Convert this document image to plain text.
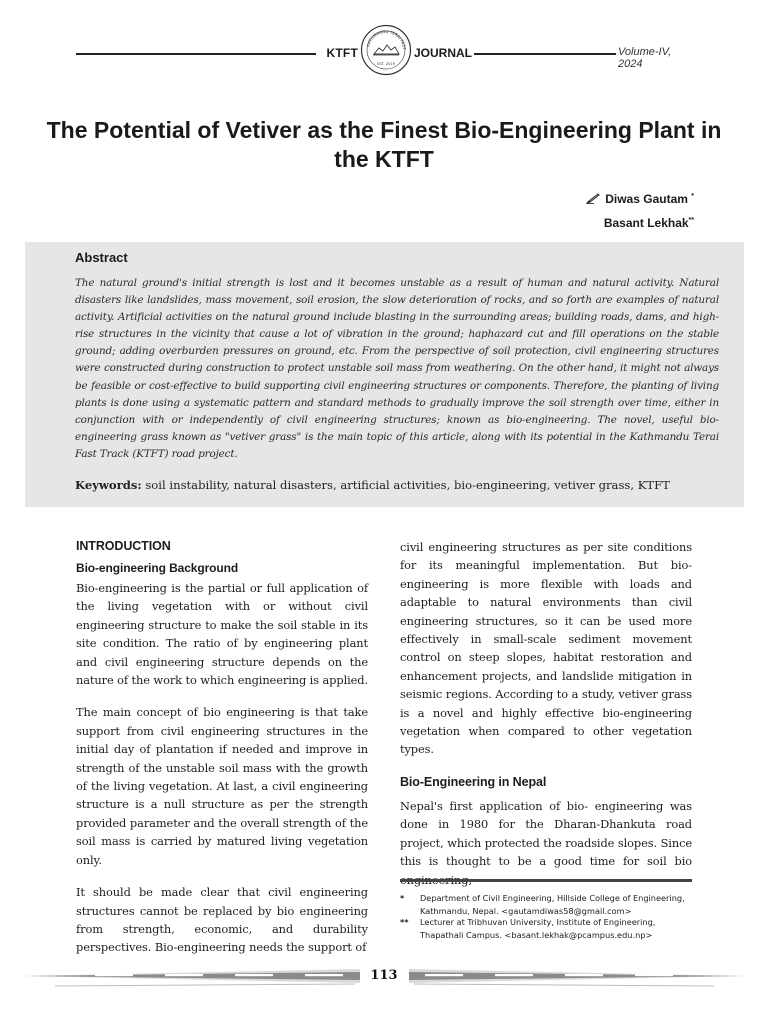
KTFT
KATHMANDU TERAI FAST
EST. 2019
JOURNAL	Volume-IV, 2024
The Potential of Vetiver as the Finest Bio-Engineering Plant in the KTFT
Diwas Gautam *
Basant Lekhak**
Abstract
The natural ground's initial strength is lost and it becomes unstable as a result of human and natural activity. Natural disasters like landslides, mass movement, soil erosion, the slow deterioration of rocks, and so forth are examples of natural activity. Artificial activities on the natural ground include blasting in the surrounding areas; building roads, dams, and high-rise structures in the vicinity that cause a lot of vibration in the ground; haphazard cut and fill operations on the stable ground; adding overburden pressures on ground, etc. From the perspective of soil protection, civil engineering structures were constructed during construction to protect unstable soil mass from weathering. On the other hand, it might not always be feasible or cost-effective to build supporting civil engineering structures or components. Therefore, the planting of living plants is done using a systematic pattern and standard methods to gradually improve the soil strength over time, either in conjunction with or independently of civil engineering structures; known as bio-engineering. The novel, useful bio-engineering grass known as "vetiver grass" is the main topic of this article, along with its potential in the Kathmandu Terai Fast Track (KTFT) road project.
Keywords: soil instability, natural disasters, artificial activities, bio-engineering, vetiver grass, KTFT
INTRODUCTION
Bio-engineering Background

Bio-engineering is the partial or full application of the living vegetation with or without civil engineering structure to make the soil stable in its site condition. The ratio of by engineering plant and civil engineering structure depends on the nature of the work to which engineering is applied.

The main concept of bio engineering is that take support from civil engineering structures in the initial day of plantation if needed and improve in strength of the unstable soil mass with the growth of the living vegetation. At last, a civil engineering structure is a null structure as per the strength provided parameter and the overall strength of the soil mass is carried by matured living vegetation only.

It should be made clear that civil engineering structures cannot be replaced by bio engineering from strength, economic, and durability perspectives. Bio-engineering needs the support of

civil engineering structures as per site conditions for its meaningful implementation. But bio-engineering is more flexible with loads and adaptable to natural environments than civil engineering structures, so it can be used more effectively in small-scale sediment movement control on steep slopes, habitat restoration and enhancement projects, and landslide mitigation in seismic regions. According to a study, vetiver grass is a novel and highly effective bio-engineering vegetation when compared to other vegetation types.

Bio-Engineering in Nepal

Nepal's first application of bio- engineering was done in 1980 for the Dharan-Dhankuta road project, which protected the roadside slopes. Since this is thought to be a good time for soil bio

* Department of Civil Engineering, Hillside College of Engineering, Kathmandu, Nepal. <gautamdiwas58@gmail.com>
** Lecturer at Tribhuvan University, Institute of Engineering, Thapathali Campus. <basant.lekhak@pcampus.edu.np>
113
